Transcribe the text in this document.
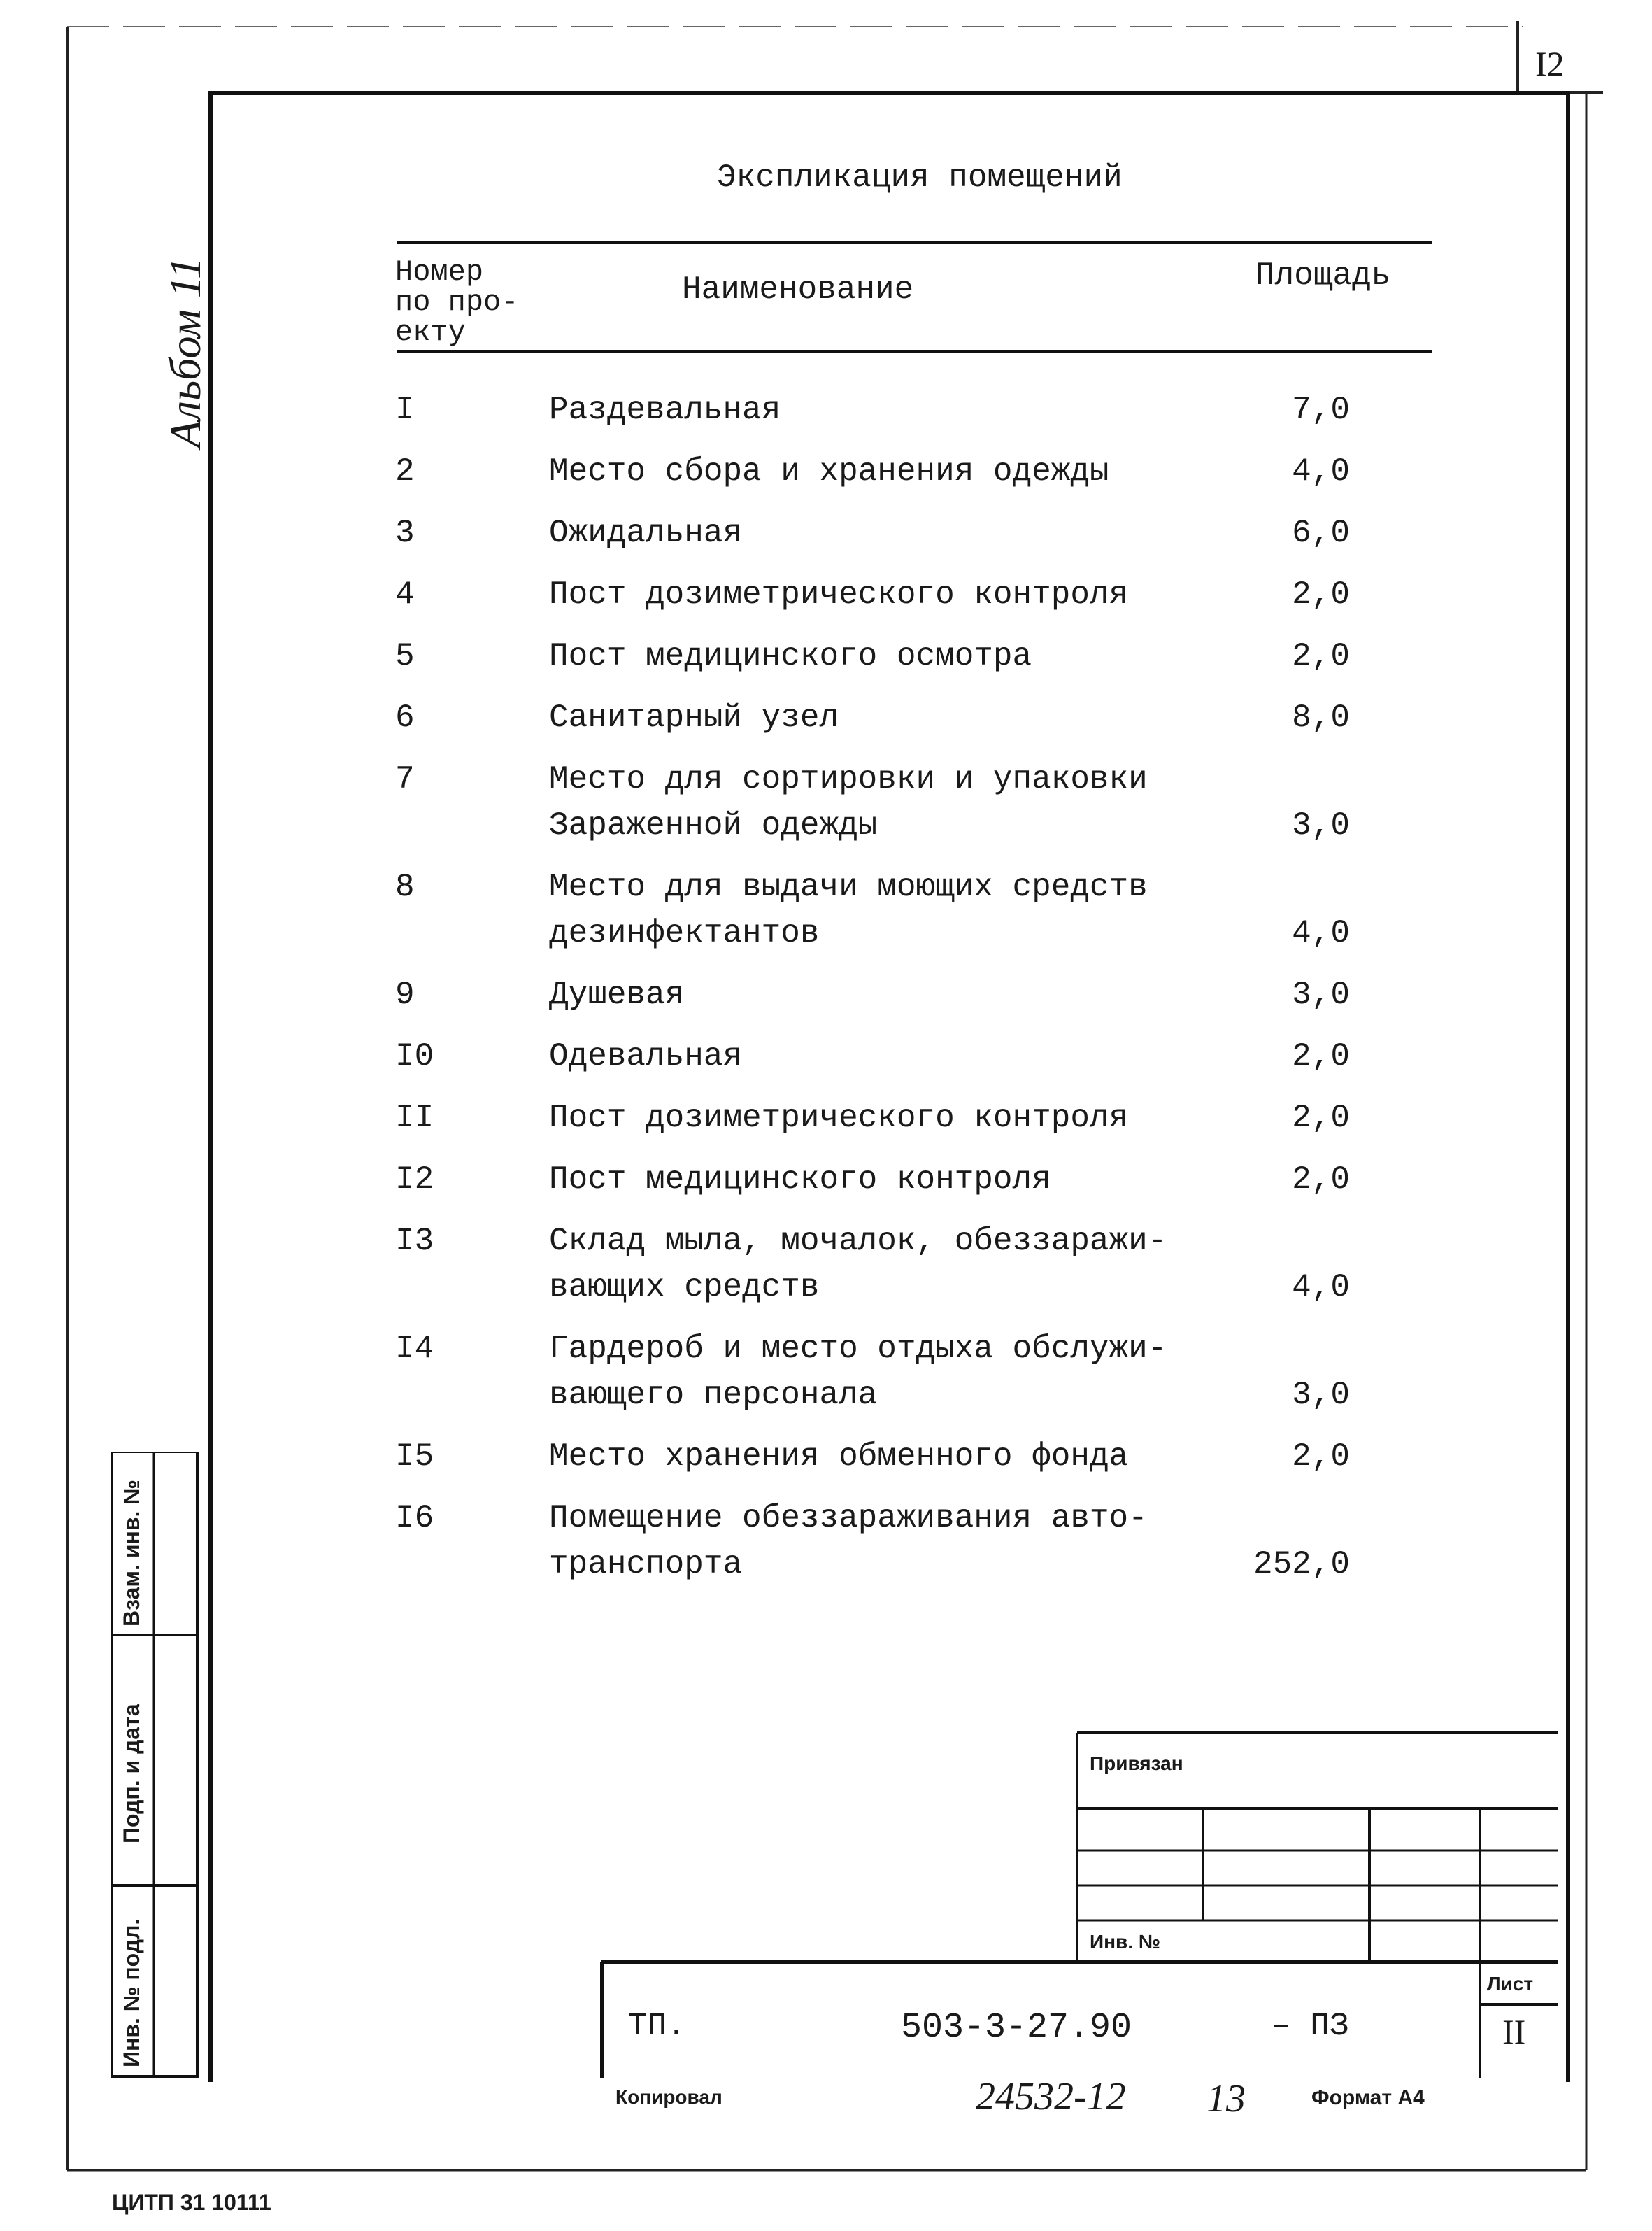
I2
Альбом 11
Взам. инв. №
Подп. и дата
Инв. № подл.
Экспликация помещений
Номер
по про-
екту
Наименование	Площадь
I	Раздевальная	7,0
2	Место сбора и хранения одежды	4,0
3	Ожидальная	6,0
4	Пост дозиметрического контроля	2,0
5	Пост медицинского осмотра	2,0
6	Санитарный узел	8,0
7	Место для сортировки и упаковки
Зараженной одежды	3,0
8	Место для выдачи моющих средств
дезинфектантов	4,0
9	Душевая	3,0
I0	Одевальная	2,0
II	Пост дозиметрического контроля	2,0
I2	Пост медицинского контроля	2,0
I3	Склад мыла, мочалок, обеззаражи-
вающих средств	4,0
I4	Гардероб и место отдыха обслужи-
вающего персонала	3,0
I5	Место хранения обменного фонда	2,0
I6	Помещение обеззараживания авто-
транспорта	252,0
Привязан
Инв. №
Лист
II
ТП.	503-3-27.90	– ПЗ
Копировал	24532-12 13	Формат А4
ЦИТП 31 10111
